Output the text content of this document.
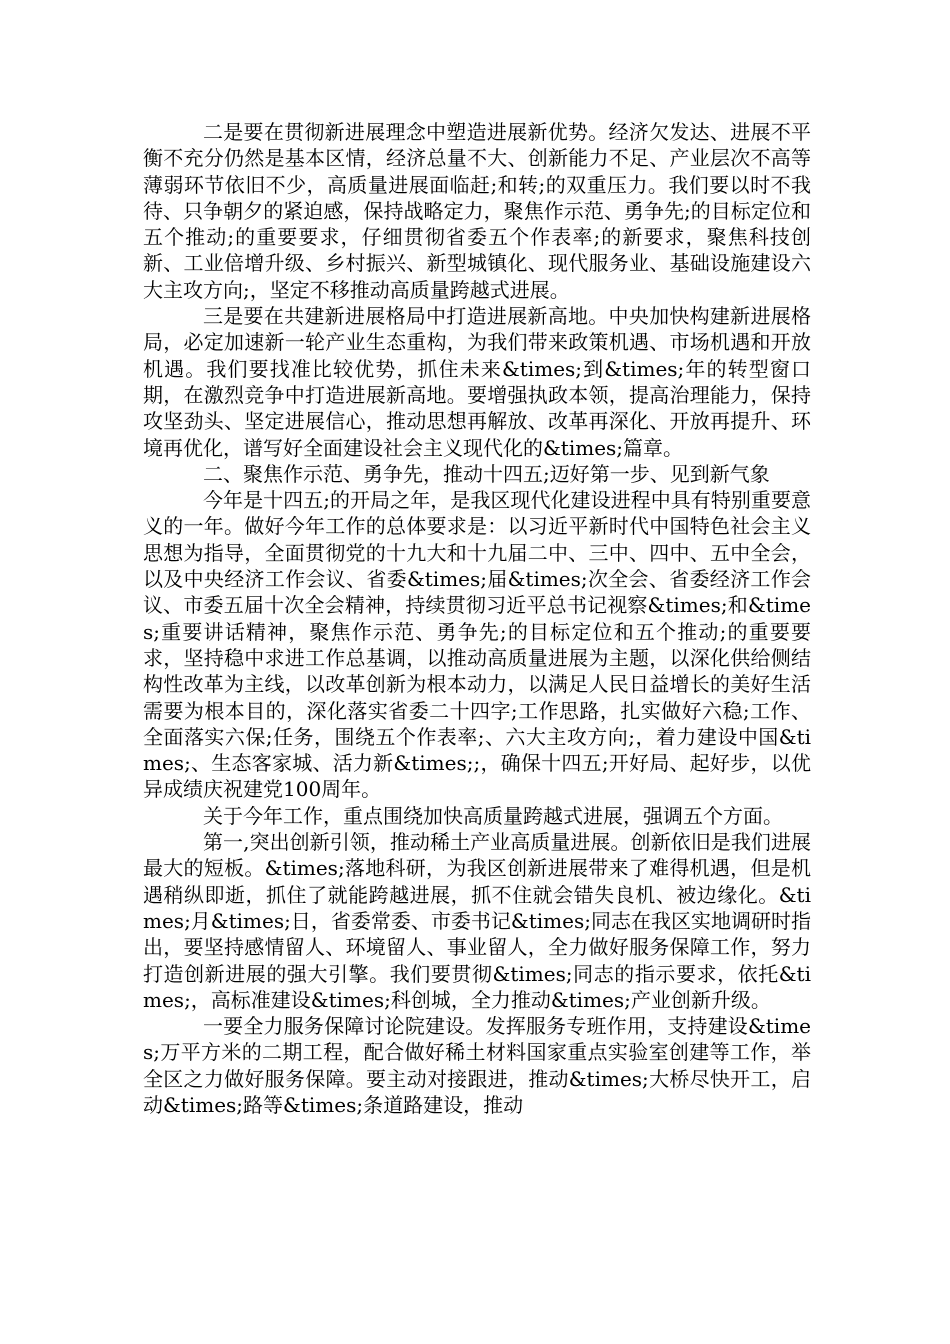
二是要在贯彻新进展理念中塑造进展新优势。经济欠发达、进展不平衡不充分仍然是基本区情，经济总量不大、创新能力不足、产业层次不高等薄弱环节依旧不少，高质量进展面临赶;和转;的双重压力。我们要以时不我待、只争朝夕的紧迫感，保持战略定力，聚焦作示范、勇争先;的目标定位和五个推动;的重要要求，仔细贯彻省委五个作表率;的新要求，聚焦科技创新、工业倍增升级、乡村振兴、新型城镇化、现代服务业、基础设施建设六大主攻方向;，坚定不移推动高质量跨越式进展。

三是要在共建新进展格局中打造进展新高地。中央加快构建新进展格局，必定加速新一轮产业生态重构，为我们带来政策机遇、市场机遇和开放机遇。我们要找准比较优势，抓住未来&times;到&times;年的转型窗口期，在激烈竞争中打造进展新高地。要增强执政本领，提高治理能力，保持攻坚劲头、坚定进展信心，推动思想再解放、改革再深化、开放再提升、环境再优化，谱写好全面建设社会主义现代化的&times;篇章。

二、聚焦作示范、勇争先，推动十四五;迈好第一步、见到新气象

今年是十四五;的开局之年，是我区现代化建设进程中具有特别重要意义的一年。做好今年工作的总体要求是：以习近平新时代中国特色社会主义思想为指导，全面贯彻党的十九大和十九届二中、三中、四中、五中全会，以及中央经济工作会议、省委&times;届&times;次全会、省委经济工作会议、市委五届十次全会精神，持续贯彻习近平总书记视察&times;和&times;重要讲话精神，聚焦作示范、勇争先;的目标定位和五个推动;的重要要求，坚持稳中求进工作总基调，以推动高质量进展为主题，以深化供给侧结构性改革为主线，以改革创新为根本动力，以满足人民日益增长的美好生活需要为根本目的，深化落实省委二十四字;工作思路，扎实做好六稳;工作、全面落实六保;任务，围绕五个作表率;、六大主攻方向;，着力建设中国&times;、生态客家城、活力新&times;;，确保十四五;开好局、起好步，以优异成绩庆祝建党100周年。

关于今年工作，重点围绕加快高质量跨越式进展，强调五个方面。

第一,突出创新引领，推动稀土产业高质量进展。创新依旧是我们进展最大的短板。&times;落地科研，为我区创新进展带来了难得机遇，但是机遇稍纵即逝，抓住了就能跨越进展，抓不住就会错失良机、被边缘化。&times;月&times;日，省委常委、市委书记&times;同志在我区实地调研时指出，要坚持感情留人、环境留人、事业留人，全力做好服务保障工作，努力打造创新进展的强大引擎。我们要贯彻&times;同志的指示要求，依托&times;，高标准建设&times;科创城，全力推动&times;产业创新升级。

一要全力服务保障讨论院建设。发挥服务专班作用，支持建设&times;万平方米的二期工程，配合做好稀土材料国家重点实验室创建等工作，举全区之力做好服务保障。要主动对接跟进，推动&times;大桥尽快开工，启动&times;路等&times;条道路建设，推动
